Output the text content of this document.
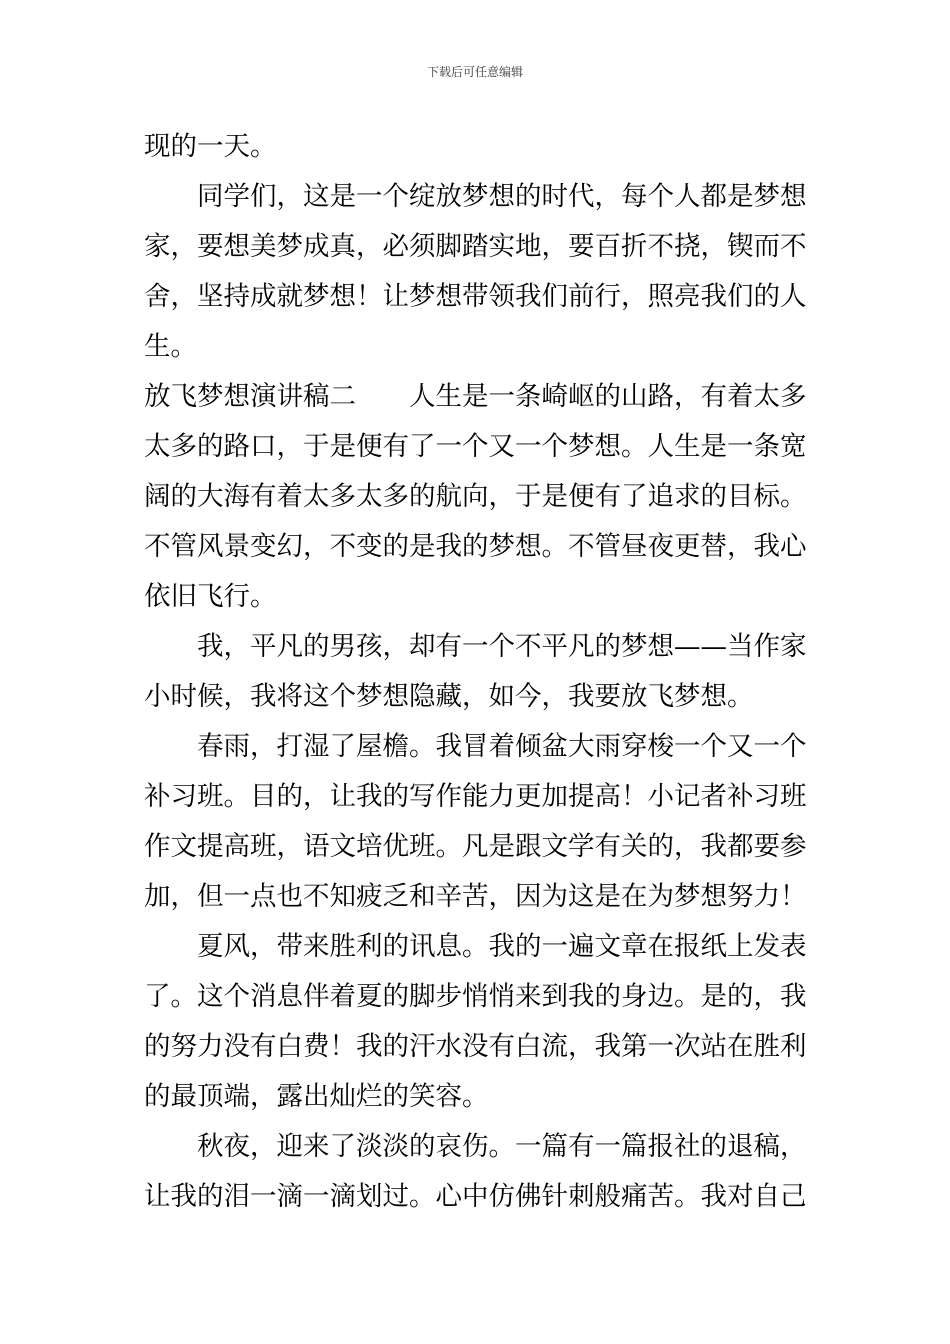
下载后可任意编辑
现的一天。
同学们，这是一个绽放梦想的时代，每个人都是梦想
家，要想美梦成真，必须脚踏实地，要百折不挠，锲而不
舍，坚持成就梦想！让梦想带领我们前行，照亮我们的人
生。
放飞梦想演讲稿二 人生是一条崎岖的山路，有着太多
太多的路口，于是便有了一个又一个梦想。人生是一条宽
阔的大海有着太多太多的航向，于是便有了追求的目标。
不管风景变幻，不变的是我的梦想。不管昼夜更替，我心
依旧飞行。
我，平凡的男孩，却有一个不平凡的梦想——当作家
小时候，我将这个梦想隐藏，如今，我要放飞梦想。
春雨，打湿了屋檐。我冒着倾盆大雨穿梭一个又一个
补习班。目的，让我的写作能力更加提高！小记者补习班
作文提高班，语文培优班。凡是跟文学有关的，我都要参
加，但一点也不知疲乏和辛苦，因为这是在为梦想努力！
夏风，带来胜利的讯息。我的一遍文章在报纸上发表
了。这个消息伴着夏的脚步悄悄来到我的身边。是的，我
的努力没有白费！我的汗水没有白流，我第一次站在胜利
的最顶端，露出灿烂的笑容。
秋夜，迎来了淡淡的哀伤。一篇有一篇报社的退稿，
让我的泪一滴一滴划过。心中仿佛针刺般痛苦。我对自己
